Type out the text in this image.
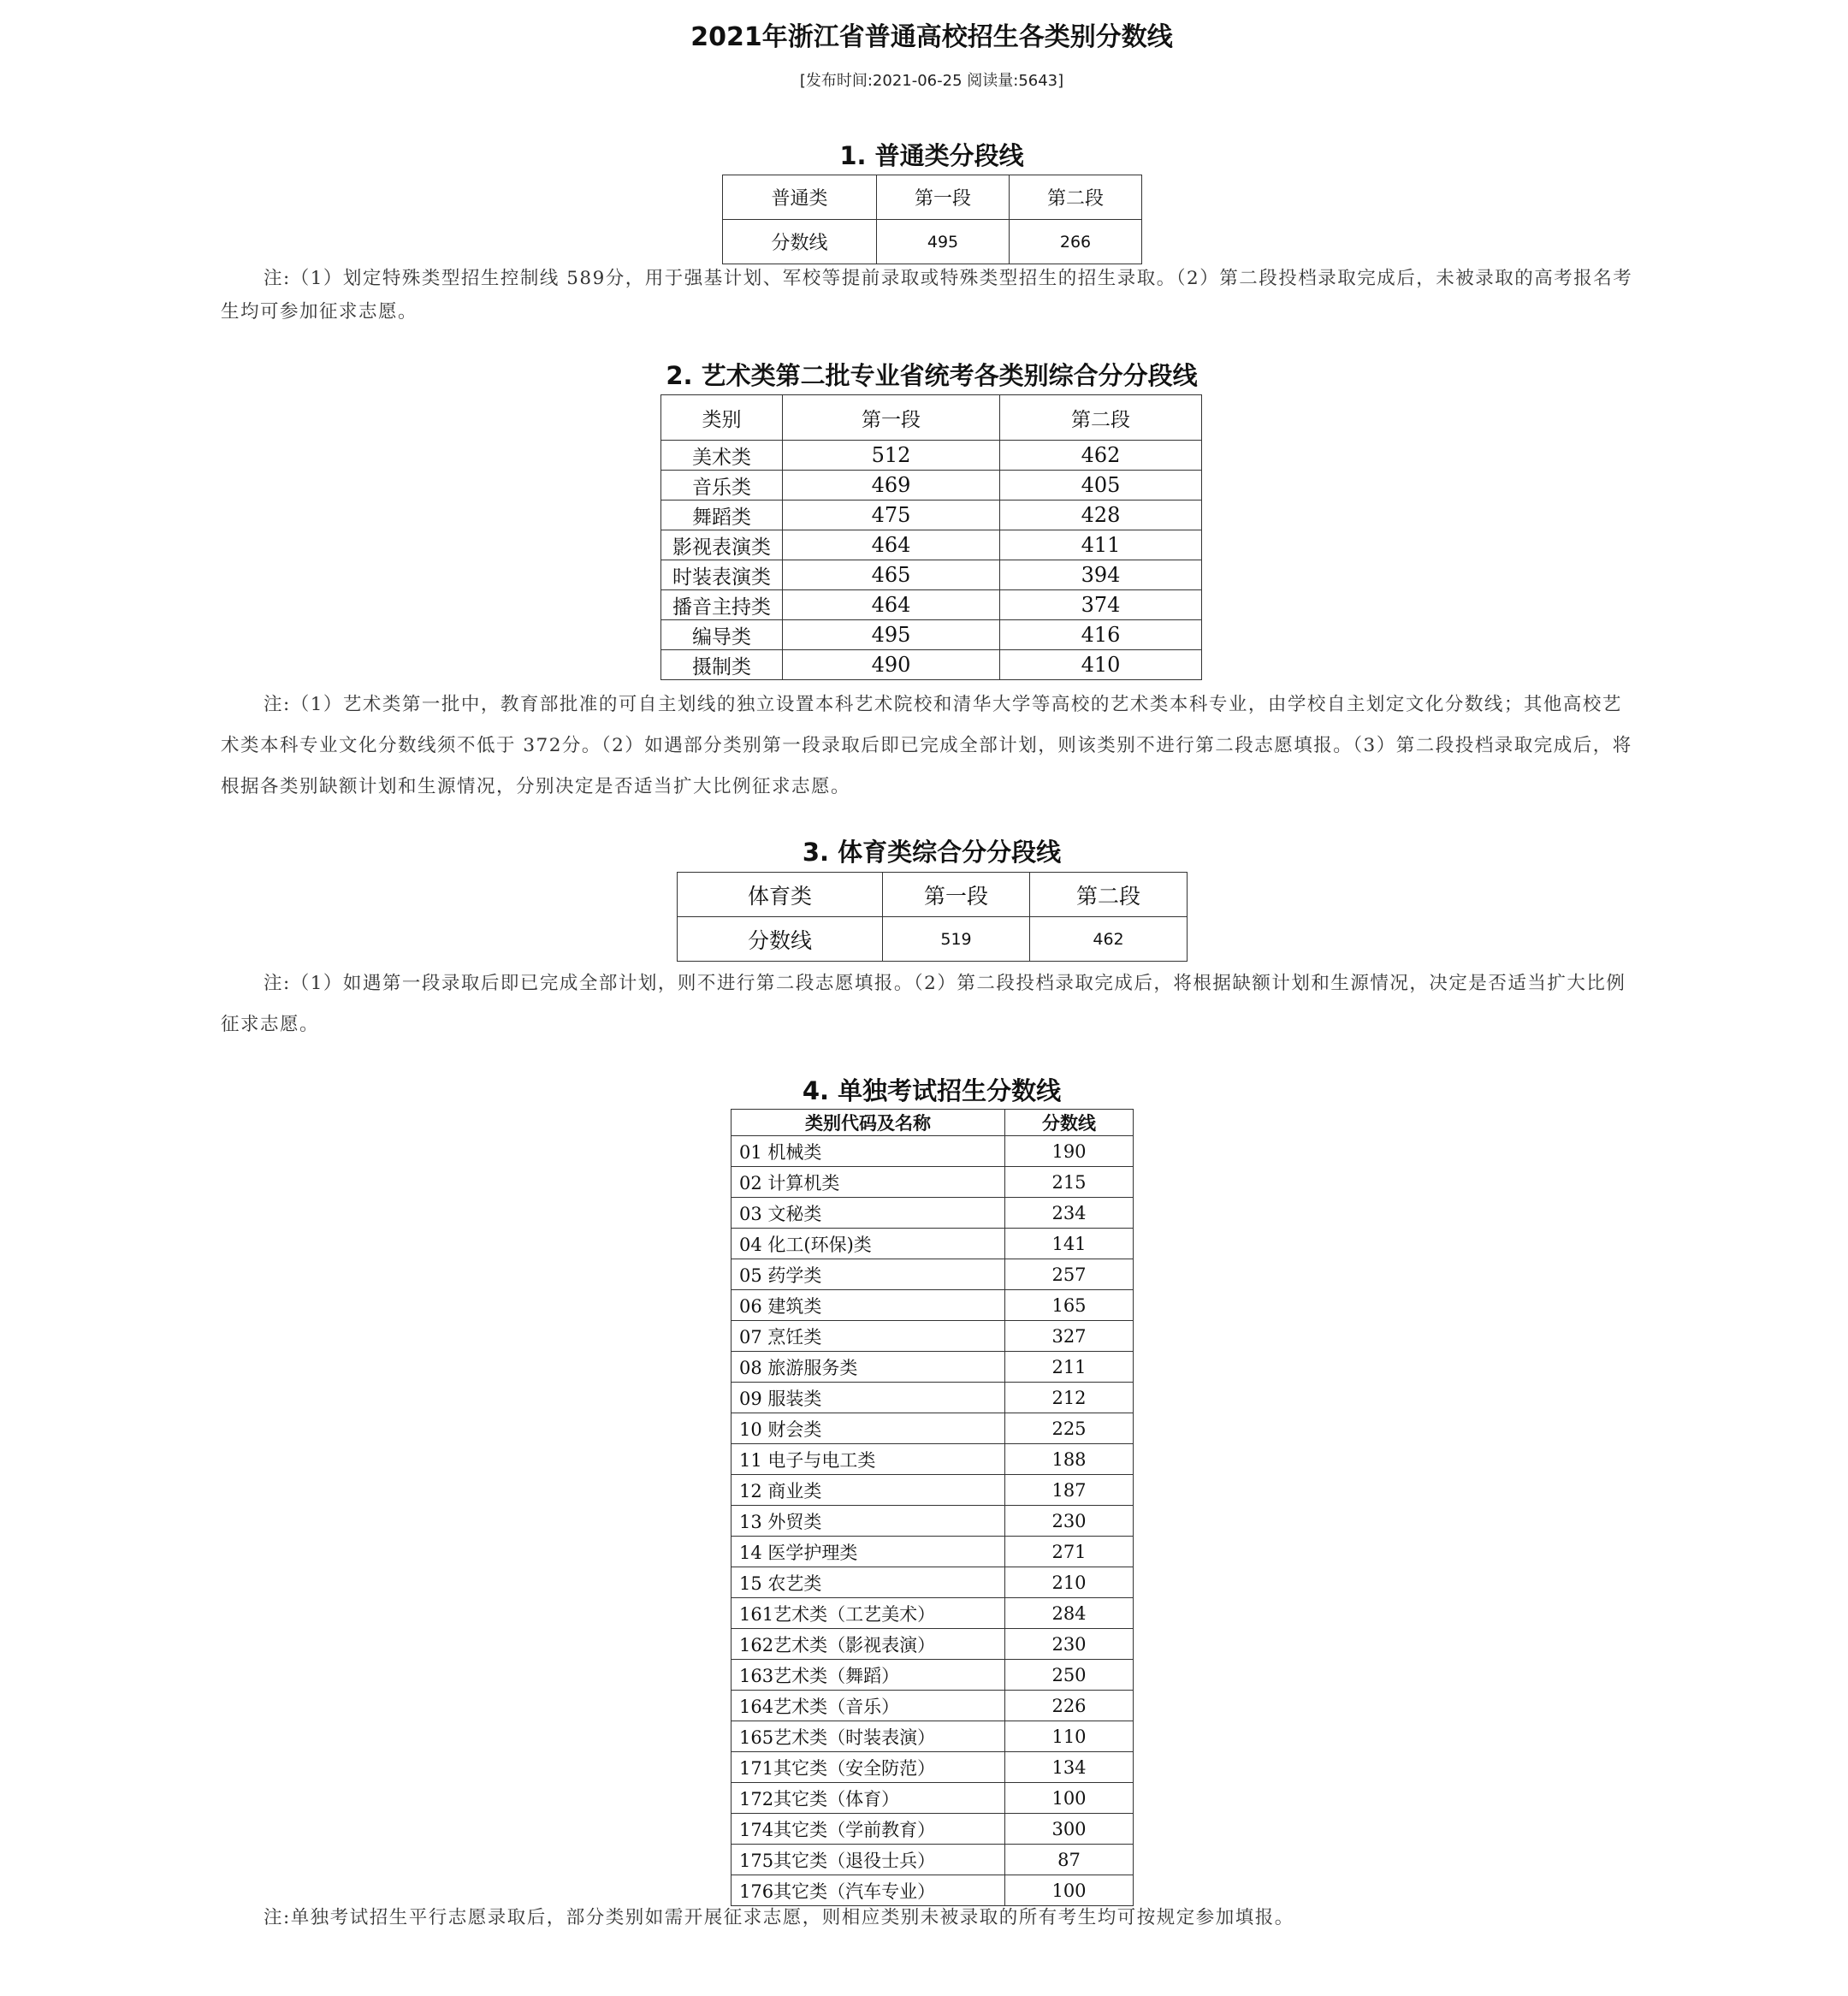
2021年浙江省普通高校招生各类别分数线
[发布时间:2021-06-25 阅读量:5643]
1. 普通类分段线
普通类	第一段	第二段
分数线	495	266

注:（1）划定特殊类型招生控制线 589分，用于强基计划、军校等提前录取或特殊类型招生的招生录取。（2）第二段投档录取完成后，未被录取的高考报名考生均可参加征求志愿。

2. 艺术类第二批专业省统考各类别综合分分段线
类别	第一段	第二段
美术类	512	462
音乐类	469	405
舞蹈类	475	428
影视表演类	464	411
时装表演类	465	394
播音主持类	464	374
编导类	495	416
摄制类	490	410

注:（1）艺术类第一批中，教育部批准的可自主划线的独立设置本科艺术院校和清华大学等高校的艺术类本科专业，由学校自主划定文化分数线；其他高校艺术类本科专业文化分数线须不低于 372分。（2）如遇部分类别第一段录取后即已完成全部计划，则该类别不进行第二段志愿填报。（3）第二段投档录取完成后，将根据各类别缺额计划和生源情况，分别决定是否适当扩大比例征求志愿。

3. 体育类综合分分段线
体育类	第一段	第二段
分数线	519	462

注:（1）如遇第一段录取后即已完成全部计划，则不进行第二段志愿填报。（2）第二段投档录取完成后，将根据缺额计划和生源情况，决定是否适当扩大比例征求志愿。

4. 单独考试招生分数线
类别代码及名称	分数线
01 机械类	190
02 计算机类	215
03 文秘类	234
04 化工(环保)类	141
05 药学类	257
06 建筑类	165
07 烹饪类	327
08 旅游服务类	211
09 服装类	212
10 财会类	225
11 电子与电工类	188
12 商业类	187
13 外贸类	230
14 医学护理类	271
15 农艺类	210
161艺术类（工艺美术）	284
162艺术类（影视表演）	230
163艺术类（舞蹈）	250
164艺术类（音乐）	226
165艺术类（时装表演）	110
171其它类（安全防范）	134
172其它类（体育）	100
174其它类（学前教育）	300
175其它类（退役士兵）	87
176其它类（汽车专业）	100

注:单独考试招生平行志愿录取后，部分类别如需开展征求志愿，则相应类别未被录取的所有考生均可按规定参加填报。
